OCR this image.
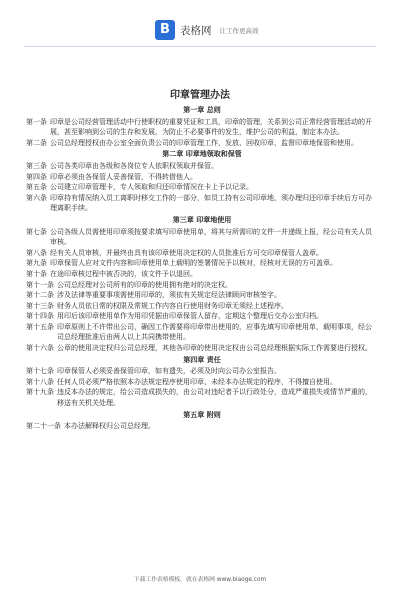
B 表格网 让工作更高效
印章管理办法
第一章 总则
第一条 印章是公司经营管理活动中行使职权的重要凭证和工具，印章的管理，关系到公司正常经营管理活动的开展，甚至影响到公司的生存和发展，为防止不必要事件的发生，维护公司的利益，制定本办法。
第二条 公司总经理授权由办公室全面负责公司的印章管理工作，发放、回收印章，监督印章地保管和使用。
第二章 印章地领取和保管
第三条 公司各类印章由各级和各岗位专人依职权领取并保管。
第四条 印章必须由各保管人妥善保管，不得转借他人。
第五条 公司建立印章管理卡，专人领取和归还印章情况在卡上予以记录。
第六条 印章持有情况纳入员工离职时移交工作的一部分，如员工持有公司印章地，须办理归还印章手续后方可办理离职手续。
第三章 印章地使用
第七条 公司各级人员需使用印章须按要求填写印章使用单，将其与所需印的文件一并递级上报，经公司有关人员审核。
第八条 经有关人员审核，并最终由具有该印章使用决定权的人员批准后方可交印章保管人盖章。
第九条 印章保管人应对文件内容和印章使用单上载明的签署情况予以核对，经核对无误的方可盖章。
第十条 在途印章核过程中被否决的，该文件予以退回。
第十一条 公司总经理对公司所有的印章的使用拥有绝对的决定权。
第十二条 涉及法律等重要事项需使用印章的，须依有关规定经法律顾问审核签字。
第十三条 财务人员依日常的权限及常规工作内容自行使用财务印章无须经上述程序。
第十四条 用印后该印章使用单作为用印凭据由印章保管人留存，定期这个整理后交办公室归档。
第十五条 印章原则上不许带出公司，确因工作需要将印章带出使用的，应事先填写印章使用单，载明事项，经公司总经理批准后由两人以上共同携带使用。
第十六条 公章的使用决定权归公司总经理，其他各印章的使用决定权由公司总经理根据实际工作需要进行授权。
第四章 责任
第十七条 印章保管人必须妥善保管印章，如有遗失，必须及时向公司办公室报告。
第十八条 任何人员必须严格依照本办法规定程序使用印章，未经本办法规定的程序，不得擅自使用。
第十九条 违反本办法的规定，给公司造成损失的，由公司对违纪者予以行政处分，造成严重损失或情节严重的，移送有关机关处理。
第五章 附则
第二十一条 本办法解释权归公司总经理。
下载工作表格模板，就在表格网 www.biaoge.com
